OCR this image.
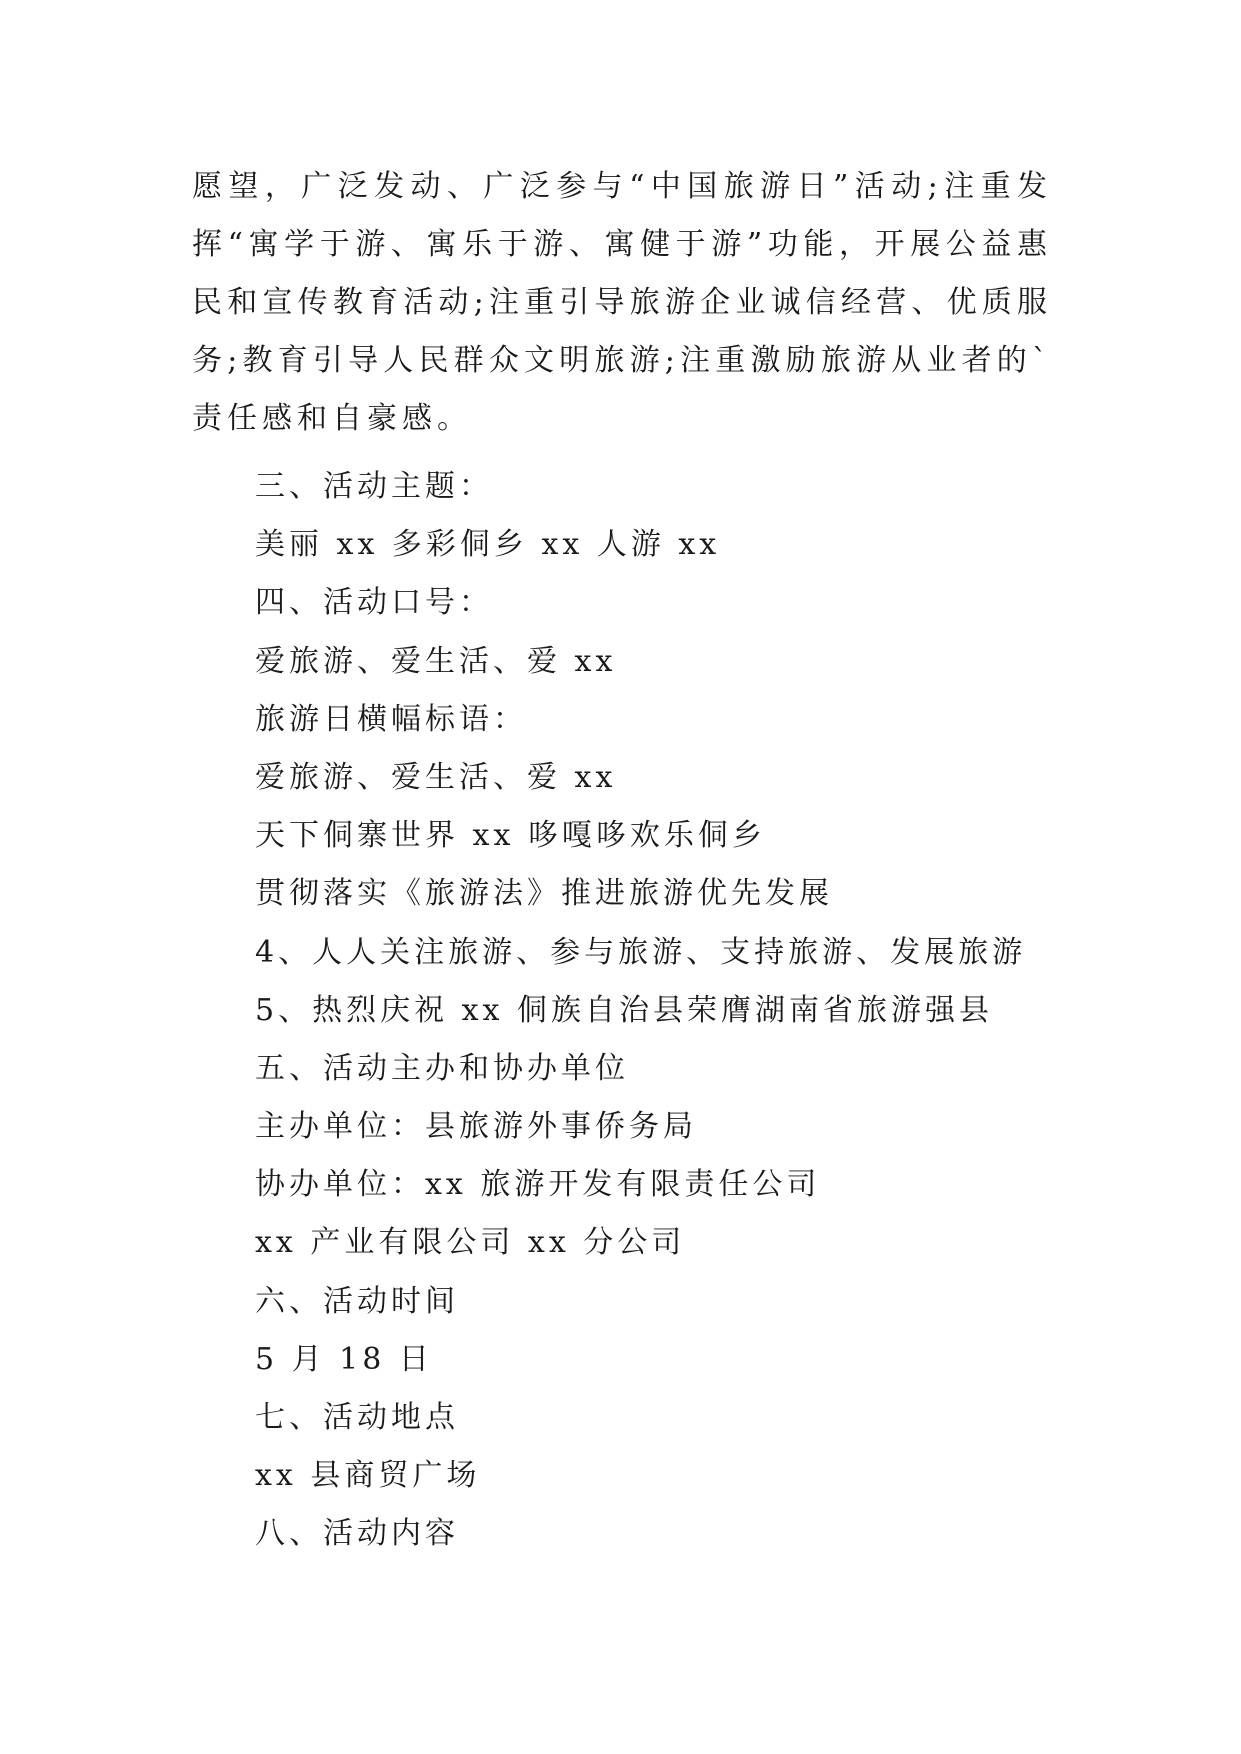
愿望，广泛发动、广泛参与“中国旅游日”活动;注重发挥“寓学于游、寓乐于游、寓健于游”功能，开展公益惠民和宣传教育活动;注重引导旅游企业诚信经营、优质服务;教育引导人民群众文明旅游;注重激励旅游从业者的`责任感和自豪感。

三、活动主题：
美丽 xx 多彩侗乡 xx 人游 xx
四、活动口号：
爱旅游、爱生活、爱 xx
旅游日横幅标语：
爱旅游、爱生活、爱 xx
天下侗寨世界 xx 哆嘎哆欢乐侗乡
贯彻落实《旅游法》推进旅游优先发展
4、人人关注旅游、参与旅游、支持旅游、发展旅游
5、热烈庆祝 xx 侗族自治县荣膺湖南省旅游强县
五、活动主办和协办单位
主办单位：县旅游外事侨务局
协办单位：xx 旅游开发有限责任公司
xx 产业有限公司 xx 分公司
六、活动时间
5 月 18 日
七、活动地点
xx 县商贸广场
八、活动内容
